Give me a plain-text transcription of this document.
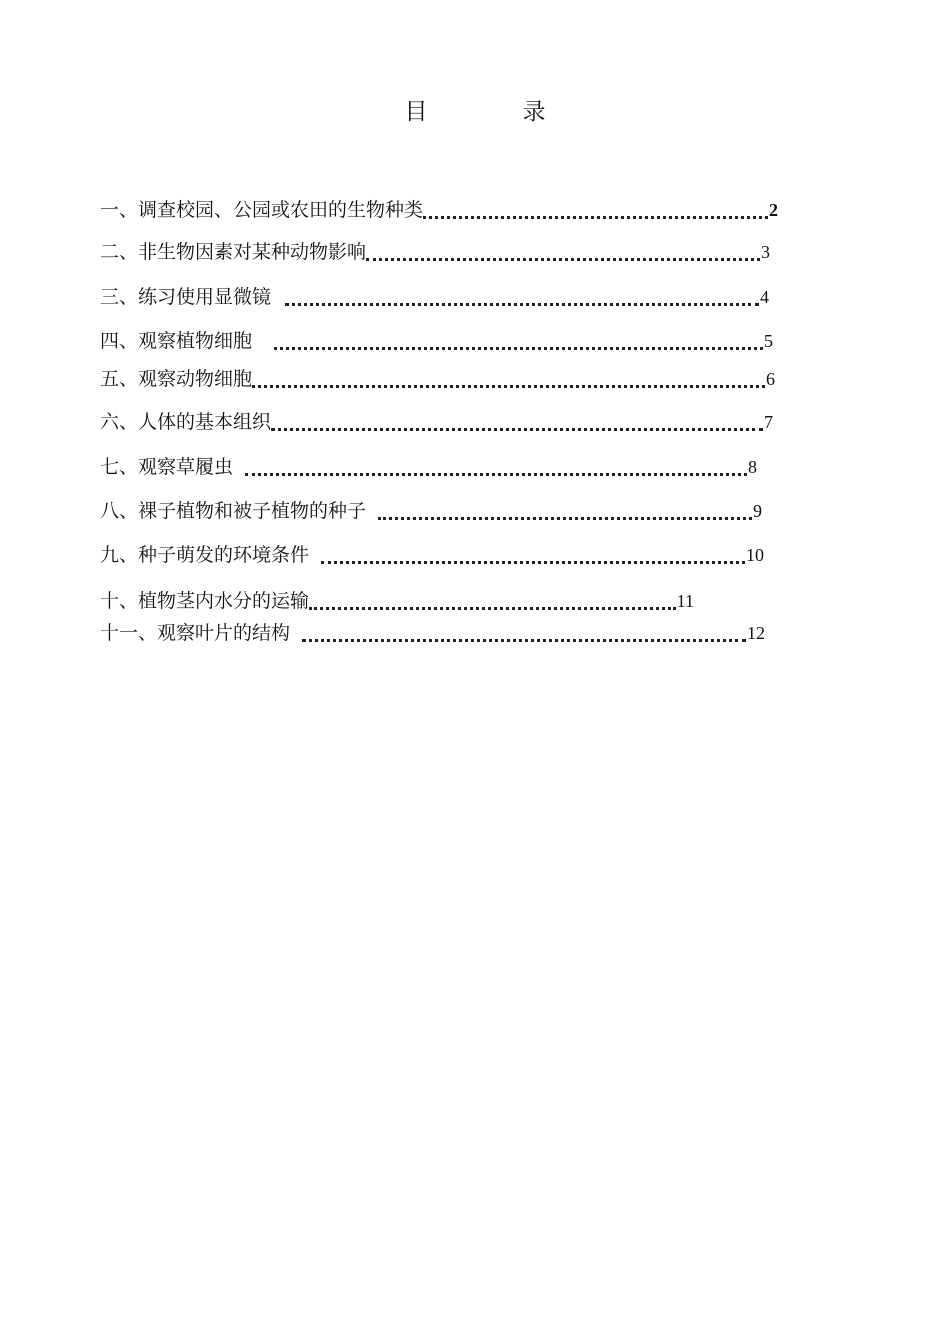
目　录
一、调查校园、公园或农田的生物种类	2
二、非生物因素对某种动物影响	3
三、练习使用显微镜	4
四、观察植物细胞	5
五、观察动物细胞	6
六、人体的基本组织	7
七、观察草履虫	8
八、裸子植物和被子植物的种子	9
九、种子萌发的环境条件	10
十、植物茎内水分的运输	11
十一、观察叶片的结构	12
